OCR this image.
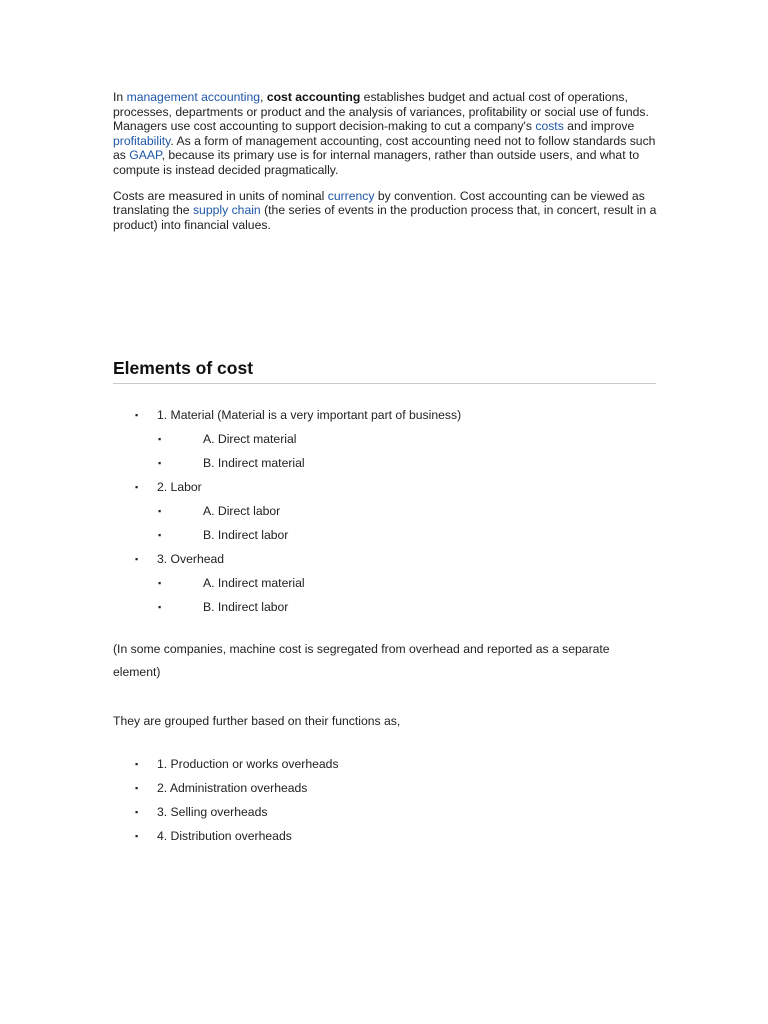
In management accounting, cost accounting establishes budget and actual cost of operations, processes, departments or product and the analysis of variances, profitability or social use of funds. Managers use cost accounting to support decision-making to cut a company's costs and improve profitability. As a form of management accounting, cost accounting need not to follow standards such as GAAP, because its primary use is for internal managers, rather than outside users, and what to compute is instead decided pragmatically.

Costs are measured in units of nominal currency by convention. Cost accounting can be viewed as translating the supply chain (the series of events in the production process that, in concert, result in a product) into financial values.

Elements of cost
▪ 1. Material (Material is a very important part of business)
▪	A. Direct material
▪	B. Indirect material
▪ 2. Labor
▪	A. Direct labor
▪	B. Indirect labor
▪ 3. Overhead
▪	A. Indirect material
▪	B. Indirect labor

(In some companies, machine cost is segregated from overhead and reported as a separate element)

They are grouped further based on their functions as,

▪ 1. Production or works overheads
▪ 2. Administration overheads
▪ 3. Selling overheads
▪ 4. Distribution overheads
